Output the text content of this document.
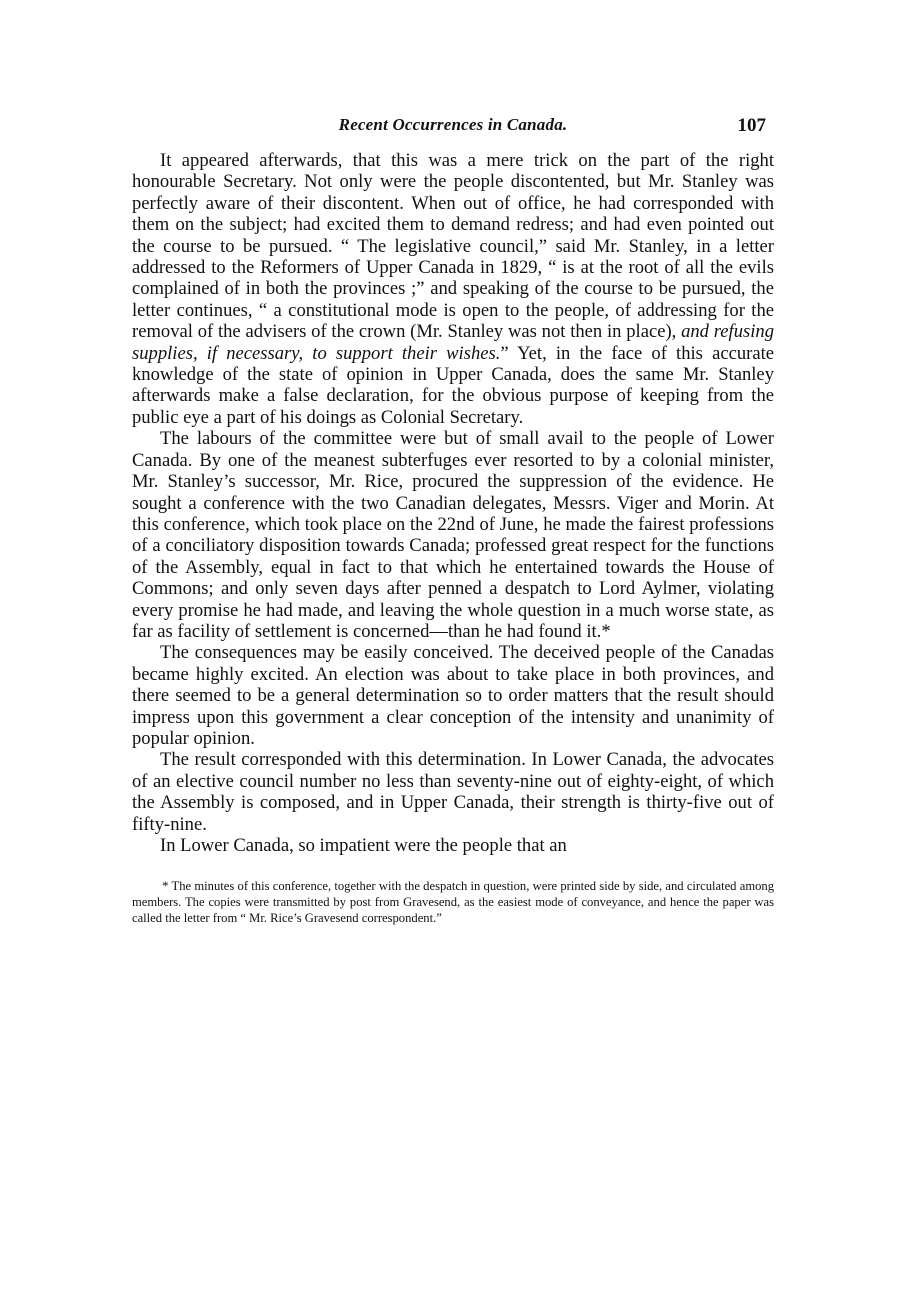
Recent Occurrences in Canada.	107

It appeared afterwards, that this was a mere trick on the part of the right honourable Secretary. Not only were the people discontented, but Mr. Stanley was perfectly aware of their discontent. When out of office, he had corresponded with them on the subject; had excited them to demand redress; and had even pointed out the course to be pursued. “ The legislative council,” said Mr. Stanley, in a letter addressed to the Reformers of Upper Canada in 1829, “ is at the root of all the evils complained of in both the provinces ;” and speaking of the course to be pursued, the letter continues, “ a constitutional mode is open to the people, of addressing for the removal of the advisers of the crown (Mr. Stanley was not then in place), and refusing supplies, if necessary, to support their wishes.” Yet, in the face of this accurate knowledge of the state of opinion in Upper Canada, does the same Mr. Stanley afterwards make a false declaration, for the obvious purpose of keeping from the public eye a part of his doings as Colonial Secretary.

The labours of the committee were but of small avail to the people of Lower Canada. By one of the meanest subterfuges ever resorted to by a colonial minister, Mr. Stanley’s successor, Mr. Rice, procured the suppression of the evidence. He sought a conference with the two Canadian delegates, Messrs. Viger and Morin. At this conference, which took place on the 22nd of June, he made the fairest professions of a conciliatory disposition towards Canada; professed great respect for the functions of the Assembly, equal in fact to that which he entertained towards the House of Commons; and only seven days after penned a despatch to Lord Aylmer, violating every promise he had made, and leaving the whole question in a much worse state, as far as facility of settlement is concerned—than he had found it.*

The consequences may be easily conceived. The deceived people of the Canadas became highly excited. An election was about to take place in both provinces, and there seemed to be a general determination so to order matters that the result should impress upon this government a clear conception of the intensity and unanimity of popular opinion.

The result corresponded with this determination. In Lower Canada, the advocates of an elective council number no less than seventy-nine out of eighty-eight, of which the Assembly is composed, and in Upper Canada, their strength is thirty-five out of fifty-nine.

In Lower Canada, so impatient were the people that an

* The minutes of this conference, together with the despatch in question, were printed side by side, and circulated among members. The copies were transmitted by post from Gravesend, as the easiest mode of conveyance, and hence the paper was called the letter from “ Mr. Rice’s Gravesend correspondent.”
